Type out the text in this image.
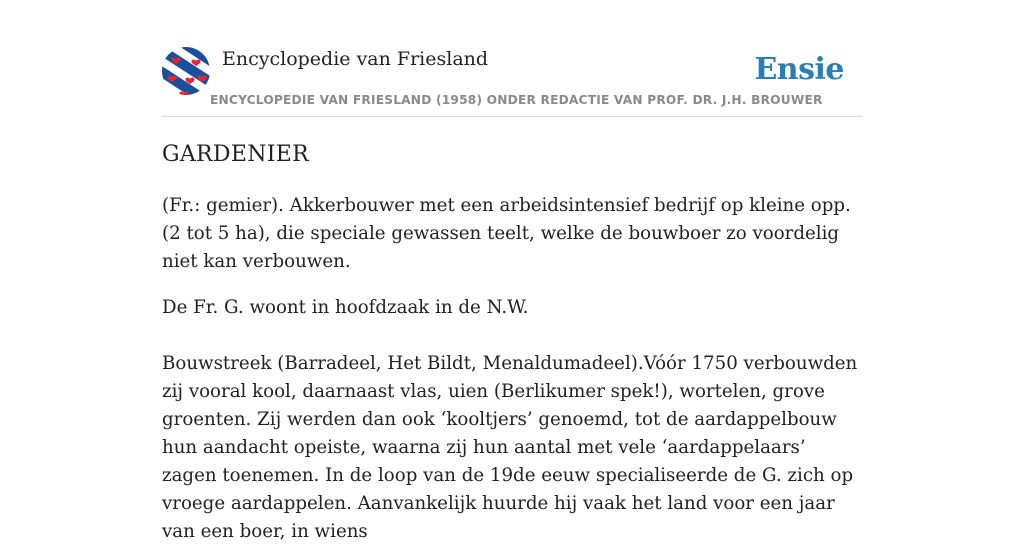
Encyclopedie van Friesland
ENCYCLOPEDIE VAN FRIESLAND (1958) ONDER REDACTIE VAN PROF. DR. J.H. BROUWER
Ensie
GARDENIER

(Fr.: gemier). Akkerbouwer met een arbeidsintensief bedrijf op kleine opp. (2 tot 5 ha), die speciale gewassen teelt, welke de bouwboer zo voordelig niet kan verbouwen.

De Fr. G. woont in hoofdzaak in de N.W.

Bouwstreek (Barradeel, Het Bildt, Menaldumadeel).Vóór 1750 verbouwden zij vooral kool, daarnaast vlas, uien (Berlikumer spek!), wortelen, grove groenten. Zij werden dan ook ‘kooltjers’ genoemd, tot de aardappelbouw hun aandacht opeiste, waarna zij hun aantal met vele ‘aardappelaars’ zagen toenemen. In de loop van de 19de eeuw specialiseerde de G. zich op vroege aardappelen. Aanvankelijk huurde hij vaak het land voor een jaar van een boer, in wiens
